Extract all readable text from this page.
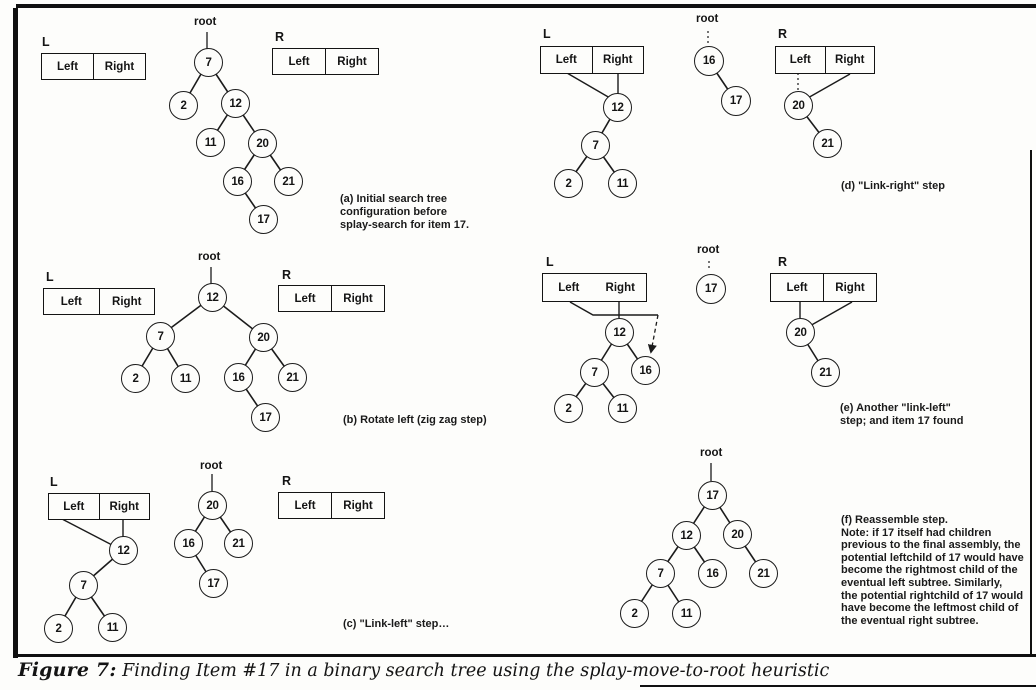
L
Left	Right
R
Left	Right
root
7
2	12
11	20
16	21
17
(a) Initial search tree
configuration before
splay-search for item 17.
L
Left	Right
R
Left	Right
root
12
7	20
2	11	16	21
17	(b) Rotate left (zig zag step)
L
Left	Right
R
Left	Right
12
7
2	11
root
20
16	21
17
(c) "Link-left" step…
L
Left	Right
12
7
2	11
root
16
17
R
Left	Right
20
21
(d) "Link-right" step
L
Left	Right
12
7	16
2	11
root
17
R
Left	Right
20
21
(e) Another "link-left"
step; and item 17 found
root
17
12	20
7	16
2	11
21
(f) Reassemble step.
Note: if 17 itself had children
previous to the final assembly, the
potential leftchild of 17 would have
become the rightmost child of the
eventual left subtree. Similarly,
the potential rightchild of 17 would
have become the leftmost child of
the eventual right subtree.
Figure 7: Finding Item #17 in a binary search tree using the splay-move-to-root heuristic
